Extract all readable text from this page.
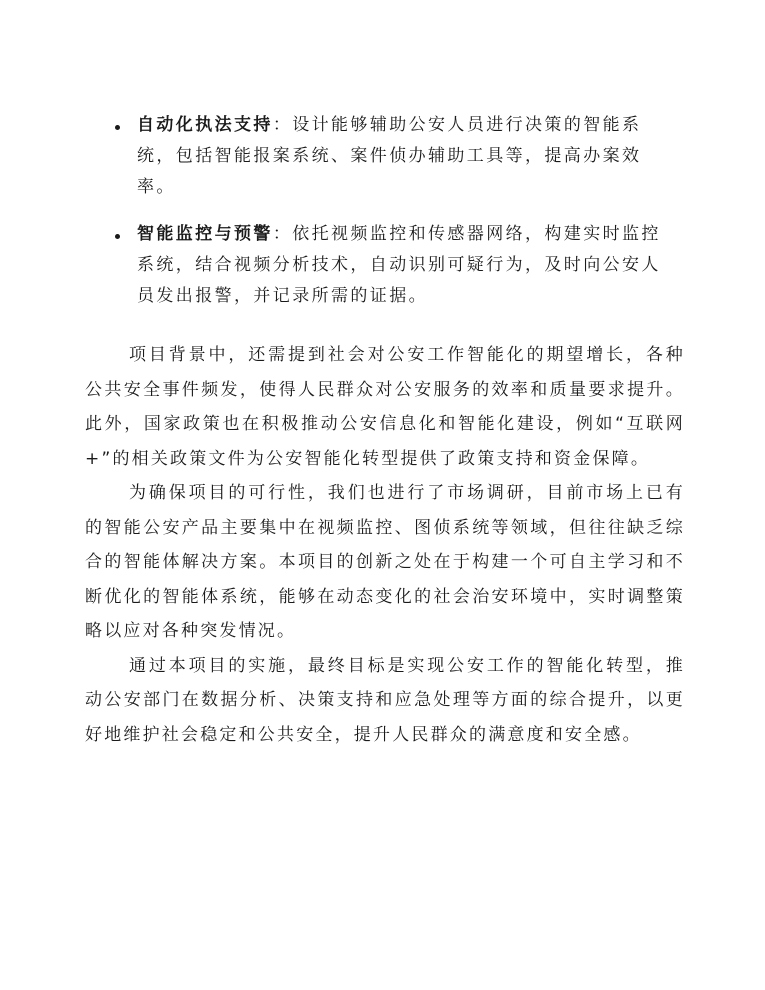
自动化执法支持：设计能够辅助公安人员进行决策的智能系统，包括智能报案系统、案件侦办辅助工具等，提高办案效率。
智能监控与预警：依托视频监控和传感器网络，构建实时监控系统，结合视频分析技术，自动识别可疑行为，及时向公安人员发出报警，并记录所需的证据。

项目背景中，还需提到社会对公安工作智能化的期望增长，各种公共安全事件频发，使得人民群众对公安服务的效率和质量要求提升。此外，国家政策也在积极推动公安信息化和智能化建设，例如“互联网+”的相关政策文件为公安智能化转型提供了政策支持和资金保障。

为确保项目的可行性，我们也进行了市场调研，目前市场上已有的智能公安产品主要集中在视频监控、图侦系统等领域，但往往缺乏综合的智能体解决方案。本项目的创新之处在于构建一个可自主学习和不断优化的智能体系统，能够在动态变化的社会治安环境中，实时调整策略以应对各种突发情况。

通过本项目的实施，最终目标是实现公安工作的智能化转型，推动公安部门在数据分析、决策支持和应急处理等方面的综合提升，以更好地维护社会稳定和公共安全，提升人民群众的满意度和安全感。
